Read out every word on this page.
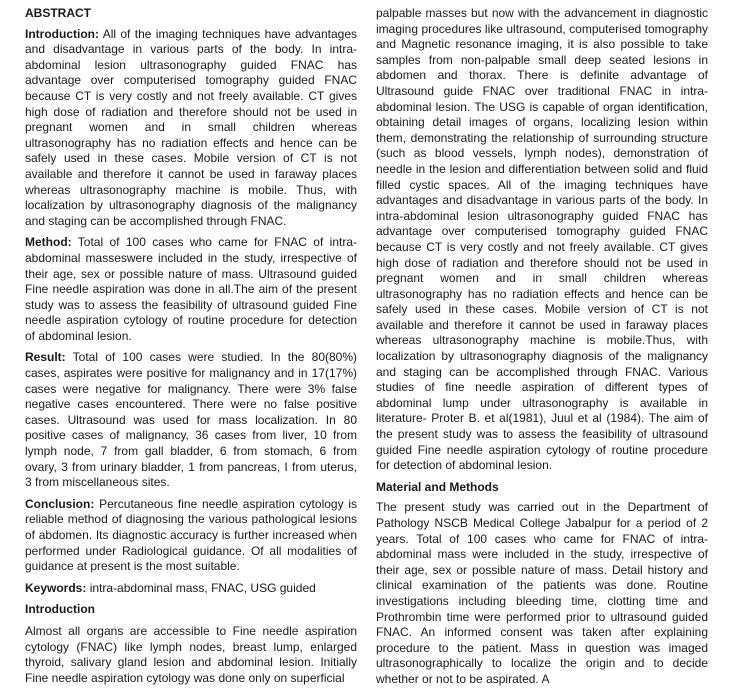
ABSTRACT

Introduction: All of the imaging techniques have advantages and disadvantage in various parts of the body. In intra-abdominal lesion ultrasonography guided FNAC has advantage over computerised tomography guided FNAC because CT is very costly and not freely available. CT gives high dose of radiation and therefore should not be used in pregnant women and in small children whereas ultrasonography has no radiation effects and hence can be safely used in these cases. Mobile version of CT is not available and therefore it cannot be used in faraway places whereas ultrasonography machine is mobile. Thus, with localization by ultrasonography diagnosis of the malignancy and staging can be accomplished through FNAC.

Method: Total of 100 cases who came for FNAC of intra-abdominal masseswere included in the study, irrespective of their age, sex or possible nature of mass. Ultrasound guided Fine needle aspiration was done in all.The aim of the present study was to assess the feasibility of ultrasound guided Fine needle aspiration cytology of routine procedure for detection of abdominal lesion.

Result: Total of 100 cases were studied. In the 80(80%) cases, aspirates were positive for malignancy and in 17(17%) cases were negative for malignancy. There were 3% false negative cases encountered. There were no false positive cases. Ultrasound was used for mass localization. In 80 positive cases of malignancy, 36 cases from liver, 10 from lymph node, 7 from gall bladder, 6 from stomach, 6 from ovary, 3 from urinary bladder, 1 from pancreas, I from uterus, 3 from miscellaneous sites.

Conclusion: Percutaneous fine needle aspiration cytology is reliable method of diagnosing the various pathological lesions of abdomen. Its diagnostic accuracy is further increased when performed under Radiological guidance. Of all modalities of guidance at present is the most suitable.

Keywords: intra-abdominal mass, FNAC, USG guided

Introduction

Almost all organs are accessible to Fine needle aspiration cytology (FNAC) like lymph nodes, breast lump, enlarged thyroid, salivary gland lesion and abdominal lesion. Initially Fine needle aspiration cytology was done only on superficial

palpable masses but now with the advancement in diagnostic imaging procedures like ultrasound, computerised tomography and Magnetic resonance imaging, it is also possible to take samples from non-palpable small deep seated lesions in abdomen and thorax. There is definite advantage of Ultrasound guide FNAC over traditional FNAC in intra-abdominal lesion. The USG is capable of organ identification, obtaining detail images of organs, localizing lesion within them, demonstrating the relationship of surrounding structure (such as blood vessels, lymph nodes), demonstration of needle in the lesion and differentiation between solid and fluid filled cystic spaces. All of the imaging techniques have advantages and disadvantage in various parts of the body. In intra-abdominal lesion ultrasonography guided FNAC has advantage over computerised tomography guided FNAC because CT is very costly and not freely available. CT gives high dose of radiation and therefore should not be used in pregnant women and in small children whereas ultrasonography has no radiation effects and hence can be safely used in these cases. Mobile version of CT is not available and therefore it cannot be used in faraway places whereas ultrasonography machine is mobile.Thus, with localization by ultrasonography diagnosis of the malignancy and staging can be accomplished through FNAC. Various studies of fine needle aspiration of different types of abdominal lump under ultrasonography is available in literature- Proter B. et al(1981), Juul et al (1984). The aim of the present study was to assess the feasibility of ultrasound guided Fine needle aspiration cytology of routine procedure for detection of abdominal lesion.

Material and Methods

The present study was carried out in the Department of Pathology NSCB Medical College Jabalpur for a period of 2 years. Total of 100 cases who came for FNAC of intra-abdominal mass were included in the study, irrespective of their age, sex or possible nature of mass. Detail history and clinical examination of the patients was done. Routine investigations including bleeding time, clotting time and Prothrombin time were performed prior to ultrasound guided FNAC. An informed consent was taken after explaining procedure to the patient. Mass in question was imaged ultrasonographically to localize the origin and to decide whether or not to be aspirated. A
